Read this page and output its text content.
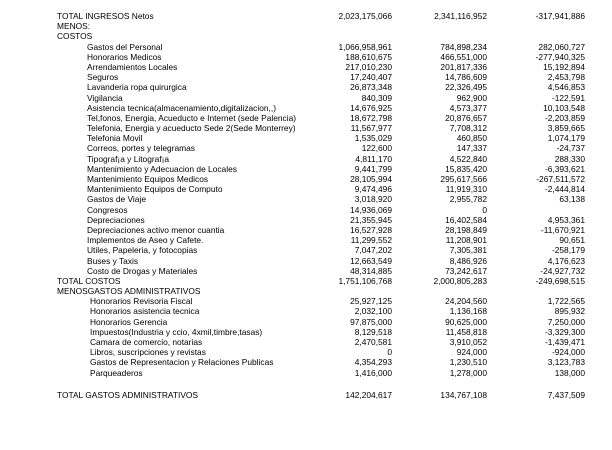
TOTAL INGRESOS Netos	2,023,175,066	2,341,116,952	-317,941,886
MENOS:
COSTOS
Gastos del Personal	1,066,958,961	784,898,234	282,060,727
Honorarios Medicos	188,610,675	466,551,000	-277,940,325
Arrendamientos Locales	217,010,230	201,817,336	15,192,894
Seguros	17,240,407	14,786,609	2,453,798
Lavanderia ropa quirurgica	26,873,348	22,326,495	4,546,853
Vigilancia	840,309	962,900	-122,591
Asistencia tecnica(almacenamiento,digitalizacion,,)	14,676,925	4,573,377	10,103,548
Tel,fonos, Energia, Acueducto e Internet (sede Palencia)	18,672,798	20,876,657	-2,203,859
Telefonia, Energia y acueducto Sede 2(Sede Monterrey)	11,567,977	7,708,312	3,859,665
Telefonia Movil	1,535,029	460,850	1,074,179
Correos, portes y telegramas	122,600	147,337	-24,737
Tipograf¡a y Litograf¡a	4,811,170	4,522,840	288,330
Mantenimiento y Adecuacion de Locales	9,441,799	15,835,420	-6,393,621
Mantenimiento Equipos Medicos	28,105,994	295,617,566	-267,511,572
Mantenimiento Equipos de Computo	9,474,496	11,919,310	-2,444,814
Gastos de Viaje	3,018,920	2,955,782	63,138
Congresos	14,936,069	0
Depreciaciones	21,355,945	16,402,584	4,953,361
Depreciaciones activo menor cuantia	16,527,928	28,198,849	-11,670,921
Implementos de Aseo y Cafete.	11,299,552	11,208,901	90,651
Utiles, Papeleria, y fotocopias	7,047,202	7,305,381	-258,179
Buses y Taxis	12,663,549	8,486,926	4,176,623
Costo de Drogas y Materiales	48,314,885	73,242,617	-24,927,732
TOTAL COSTOS	1,751,106,768	2,000,805,283	-249,698,515
MENOSGASTOS ADMINISTRATIVOS
Honorarios Revisoria Fiscal	25,927,125	24,204,560	1,722,565
Honorarios asistencia tecnica	2,032,100	1,136,168	895,932
Honorarios Gerencia	97,875,000	90,625,000	7,250,000
Impuestos(Industria y ccio, 4xmil,timbre,tasas)	8,129,518	11,458,818	-3,329,300
Camara de comercio, notarias	2,470,581	3,910,052	-1,439,471
Libros, suscripciones y revistas	0	924,000	-924,000
Gastos de Representacion y Relaciones Publicas	4,354,293	1,230,510	3,123,783
Parqueaderos	1,416,000	1,278,000	138,000
TOTAL GASTOS ADMINISTRATIVOS	142,204,617	134,767,108	7,437,509
